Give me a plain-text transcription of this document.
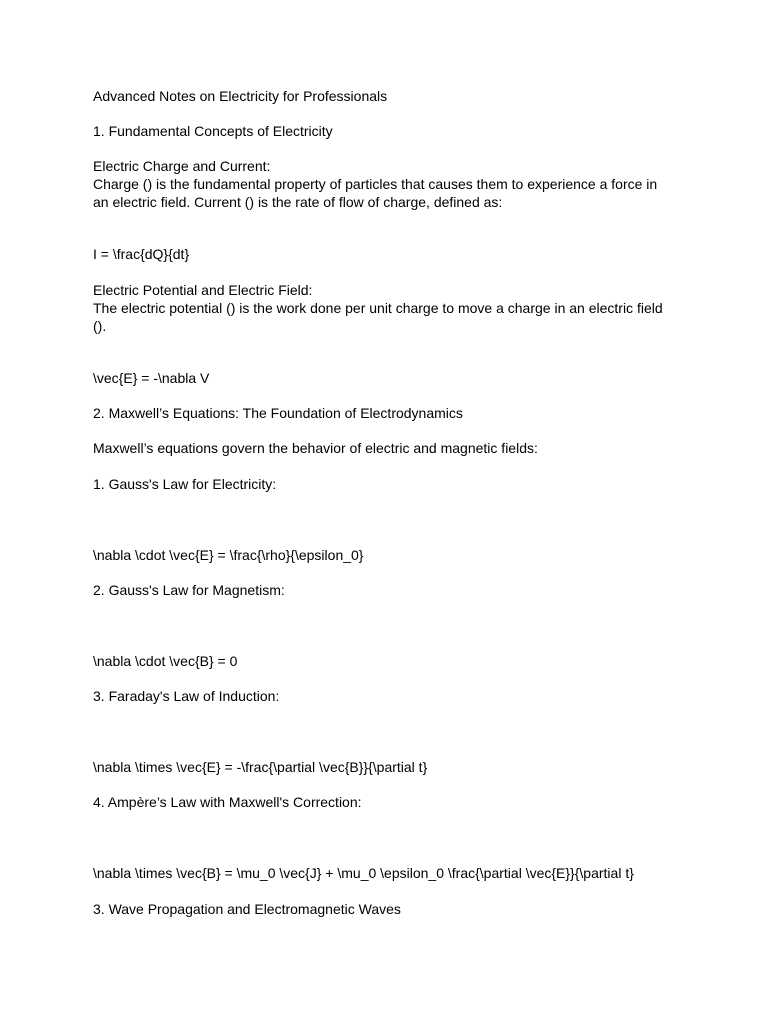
Advanced Notes on Electricity for Professionals

1. Fundamental Concepts of Electricity

Electric Charge and Current:

Charge () is the fundamental property of particles that causes them to experience a force in

an electric field. Current () is the rate of flow of charge, defined as:

I = \frac{dQ}{dt}

Electric Potential and Electric Field:

The electric potential () is the work done per unit charge to move a charge in an electric field

().

\vec{E} = -\nabla V

2. Maxwell’s Equations: The Foundation of Electrodynamics

Maxwell’s equations govern the behavior of electric and magnetic fields:

1. Gauss's Law for Electricity:

\nabla \cdot \vec{E} = \frac{\rho}{\epsilon_0}

2. Gauss's Law for Magnetism:

\nabla \cdot \vec{B} = 0

3. Faraday's Law of Induction:

\nabla \times \vec{E} = -\frac{\partial \vec{B}}{\partial t}

4. Ampère’s Law with Maxwell's Correction:

\nabla \times \vec{B} = \mu_0 \vec{J} + \mu_0 \epsilon_0 \frac{\partial \vec{E}}{\partial t}

3. Wave Propagation and Electromagnetic Waves
